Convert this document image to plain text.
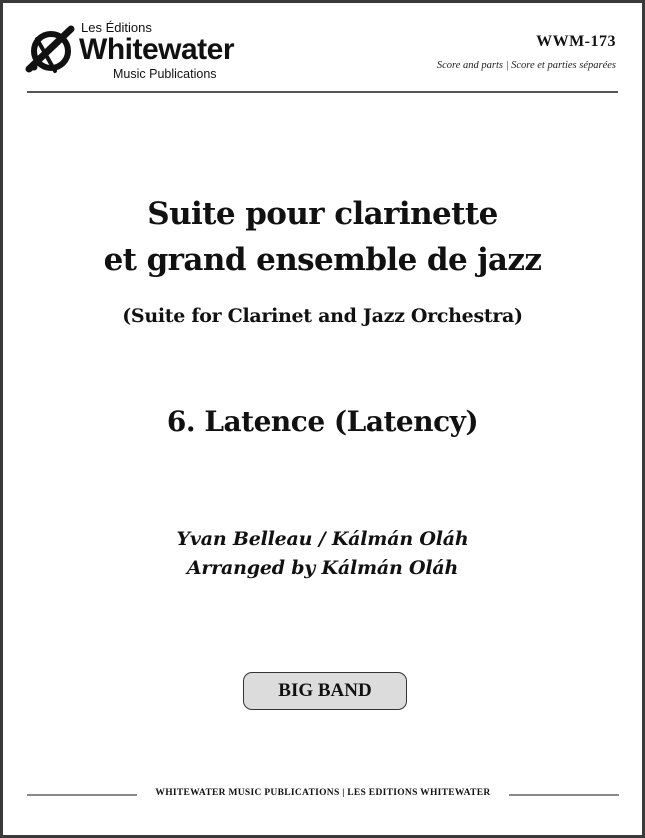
Les Éditions
Whitewater
Music Publications
WWM-173
Score and parts | Score et parties séparées
Suite pour clarinette
et grand ensemble de jazz
(Suite for Clarinet and Jazz Orchestra)
6. Latence (Latency)
Yvan Belleau / Kálmán Oláh
Arranged by Kálmán Oláh
BIG BAND
WHITEWATER MUSIC PUBLICATIONS | LES EDITIONS WHITEWATER
